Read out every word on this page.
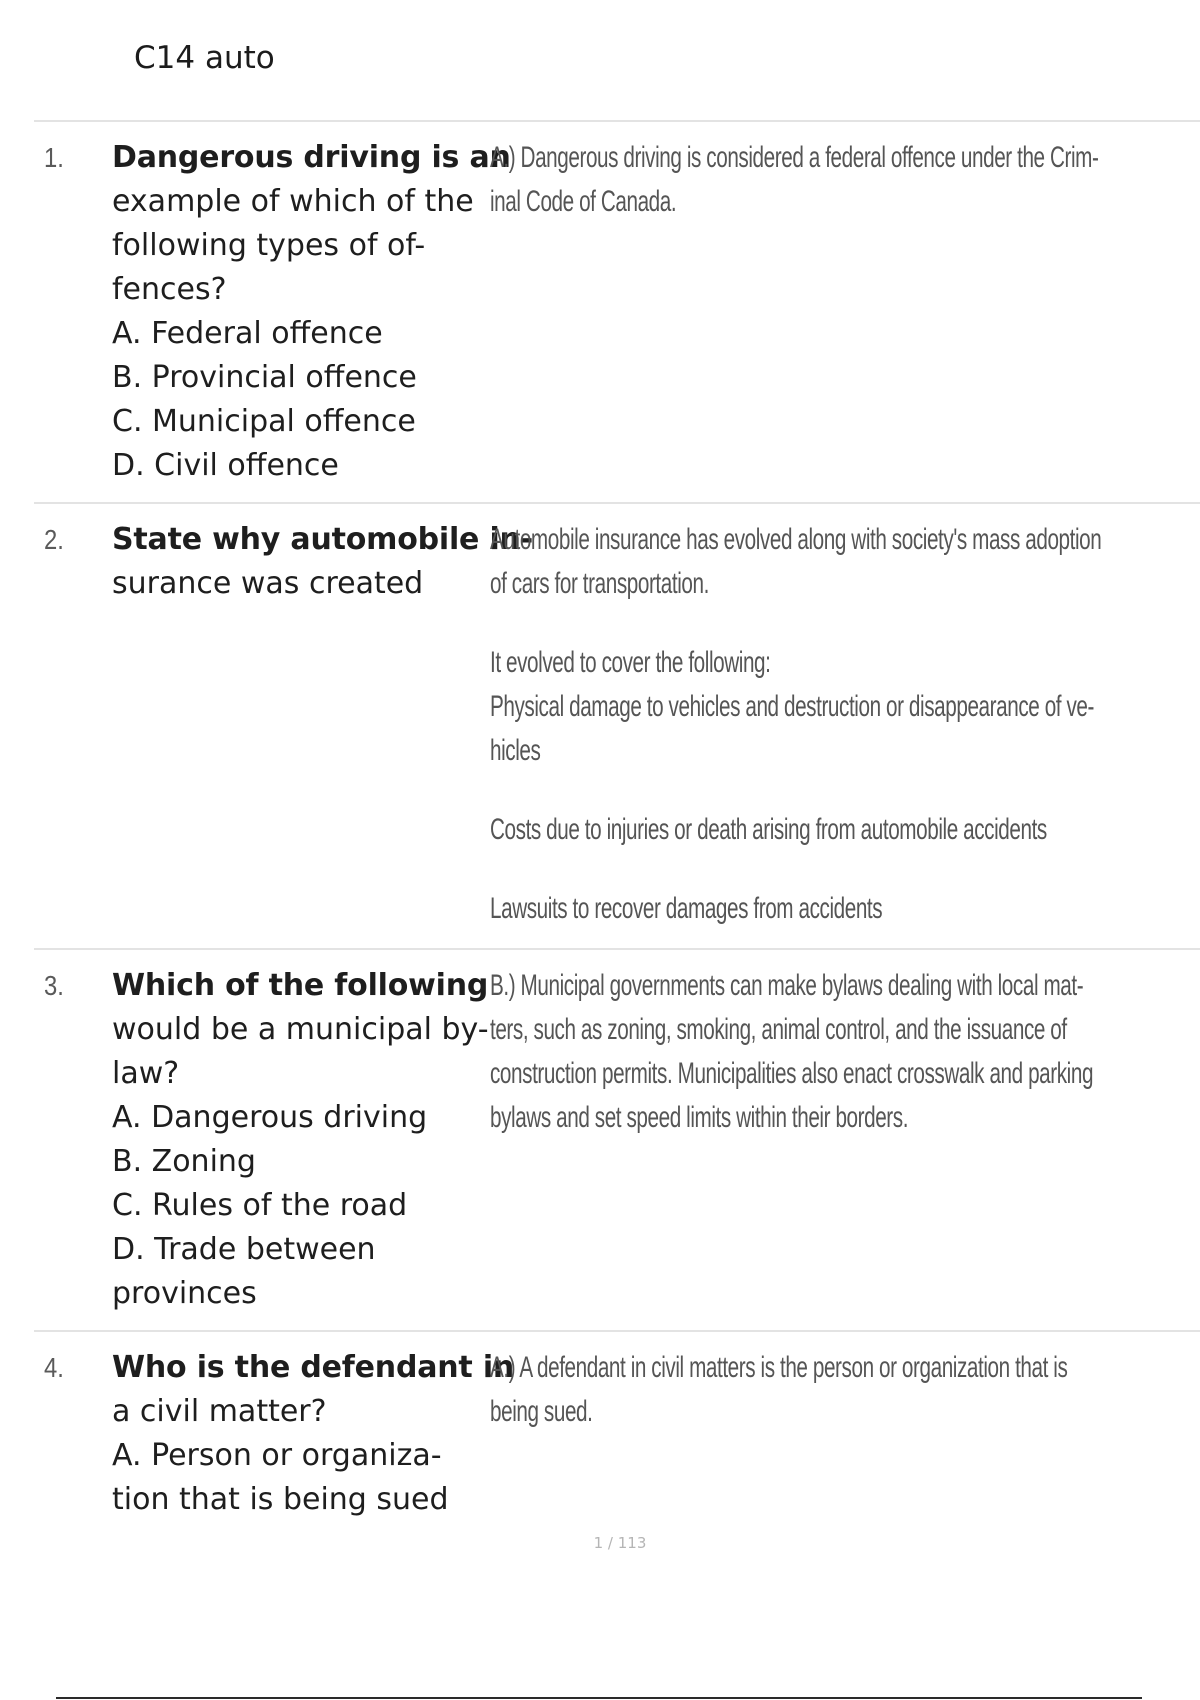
C14 auto
1. Dangerous driving is an
example of which of the
following types of of-
fences?
A. Federal offence
B. Provincial offence
C. Municipal offence
D. Civil offence
A.) Dangerous driving is considered a federal offence under the Crim-
inal Code of Canada.
2. State why automobile in-
surance was created
Automobile insurance has evolved along with society's mass adoption
of cars for transportation.
It evolved to cover the following:
Physical damage to vehicles and destruction or disappearance of ve-
hicles
Costs due to injuries or death arising from automobile accidents
Lawsuits to recover damages from accidents
3. Which of the following
would be a municipal by-
law?
A. Dangerous driving
B. Zoning
C. Rules of the road
D. Trade between
provinces
B.) Municipal governments can make bylaws dealing with local mat-
ters, such as zoning, smoking, animal control, and the issuance of
construction permits. Municipalities also enact crosswalk and parking
bylaws and set speed limits within their borders.
4. Who is the defendant in
a civil matter?
A. Person or organiza-
tion that is being sued
A.) A defendant in civil matters is the person or organization that is
being sued.
1 / 113
